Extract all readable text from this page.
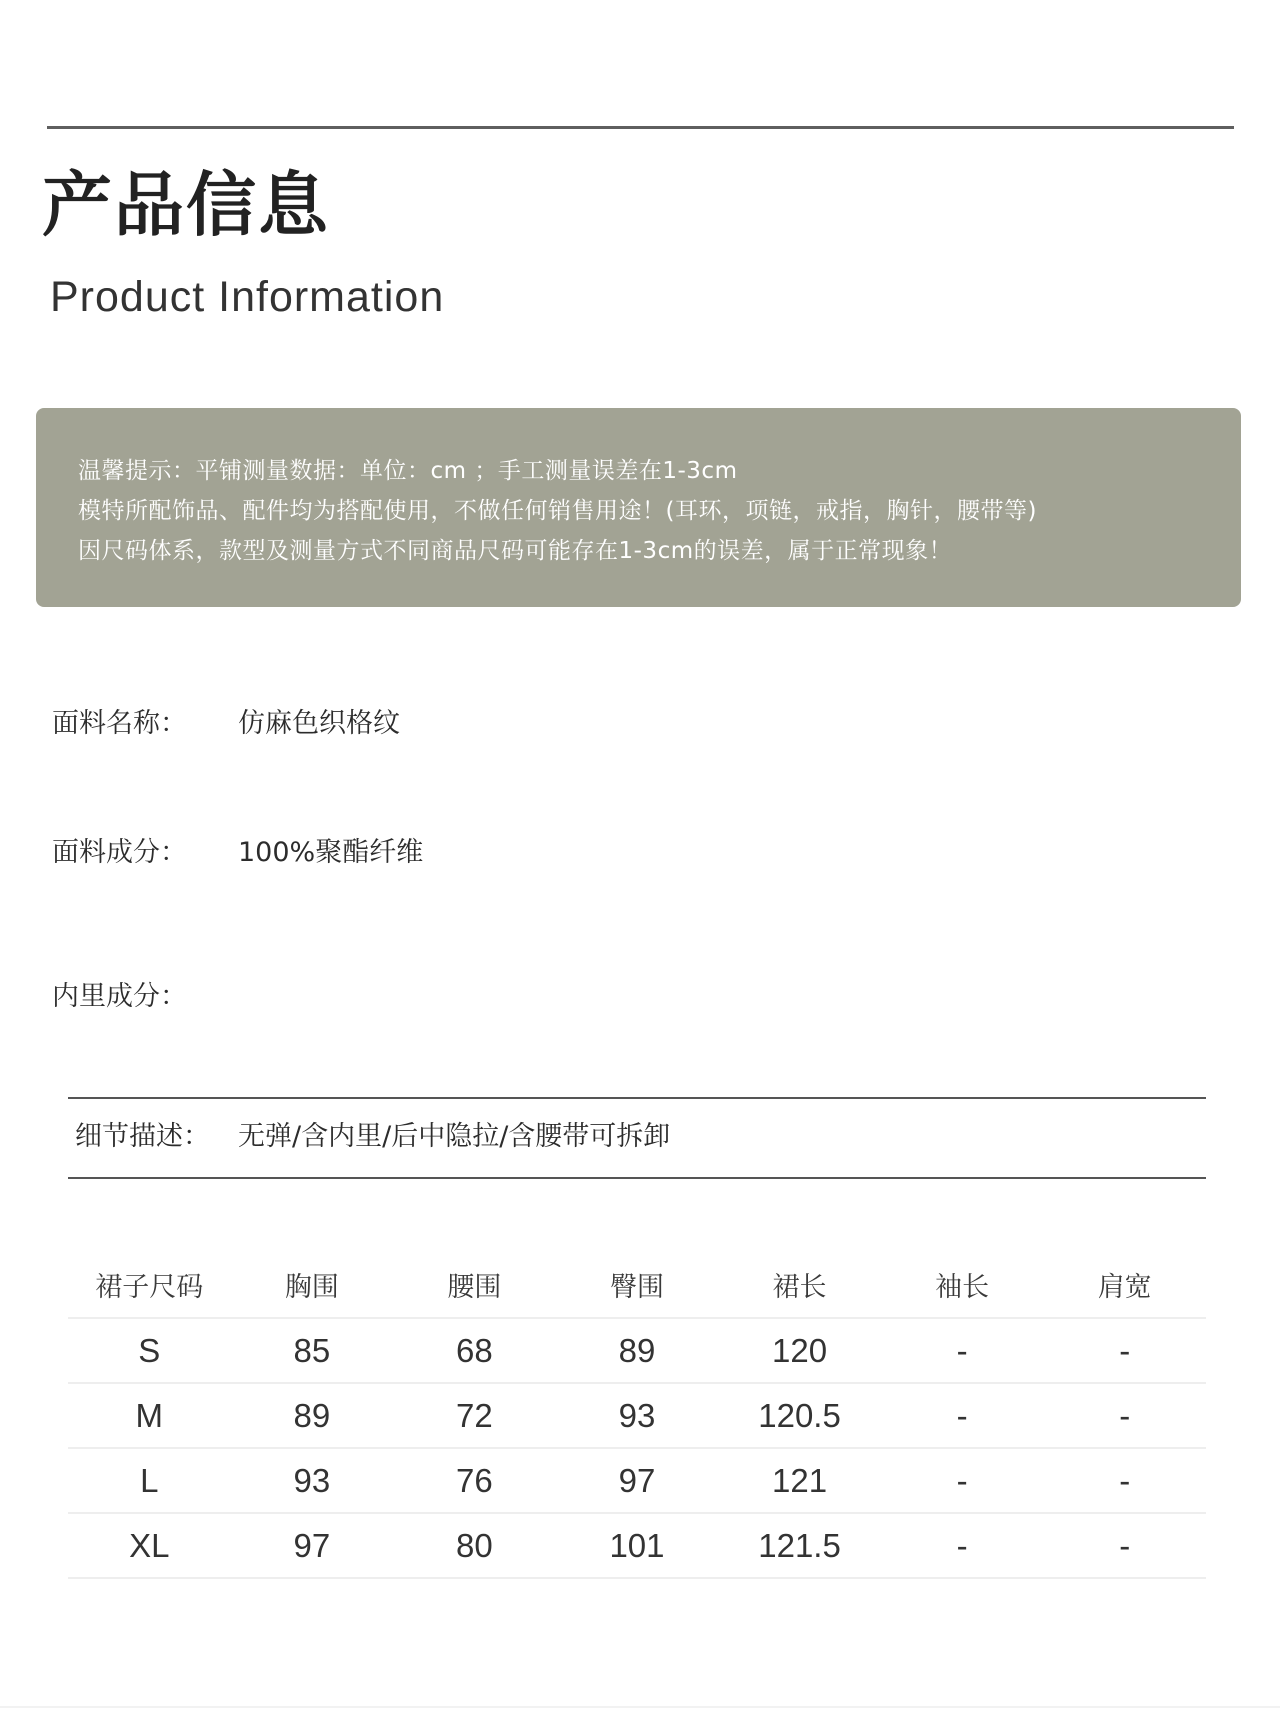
产品信息
Product Information
温馨提示：平铺测量数据：单位：cm ；手工测量误差在1-3cm
模特所配饰品、配件均为搭配使用，不做任何销售用途！(耳环，项链，戒指，胸针，腰带等)
因尺码体系，款型及测量方式不同商品尺码可能存在1-3cm的误差，属于正常现象！
面料名称： 仿麻色织格纹
面料成分： 100%聚酯纤维
内里成分：
细节描述： 无弹/含内里/后中隐拉/含腰带可拆卸
裙子尺码	胸围	腰围	臀围	裙长	袖长	肩宽
S	85	68	89	120	-	-
M	89	72	93	120.5	-	-
L	93	76	97	121	-	-
XL	97	80	101	121.5	-	-
